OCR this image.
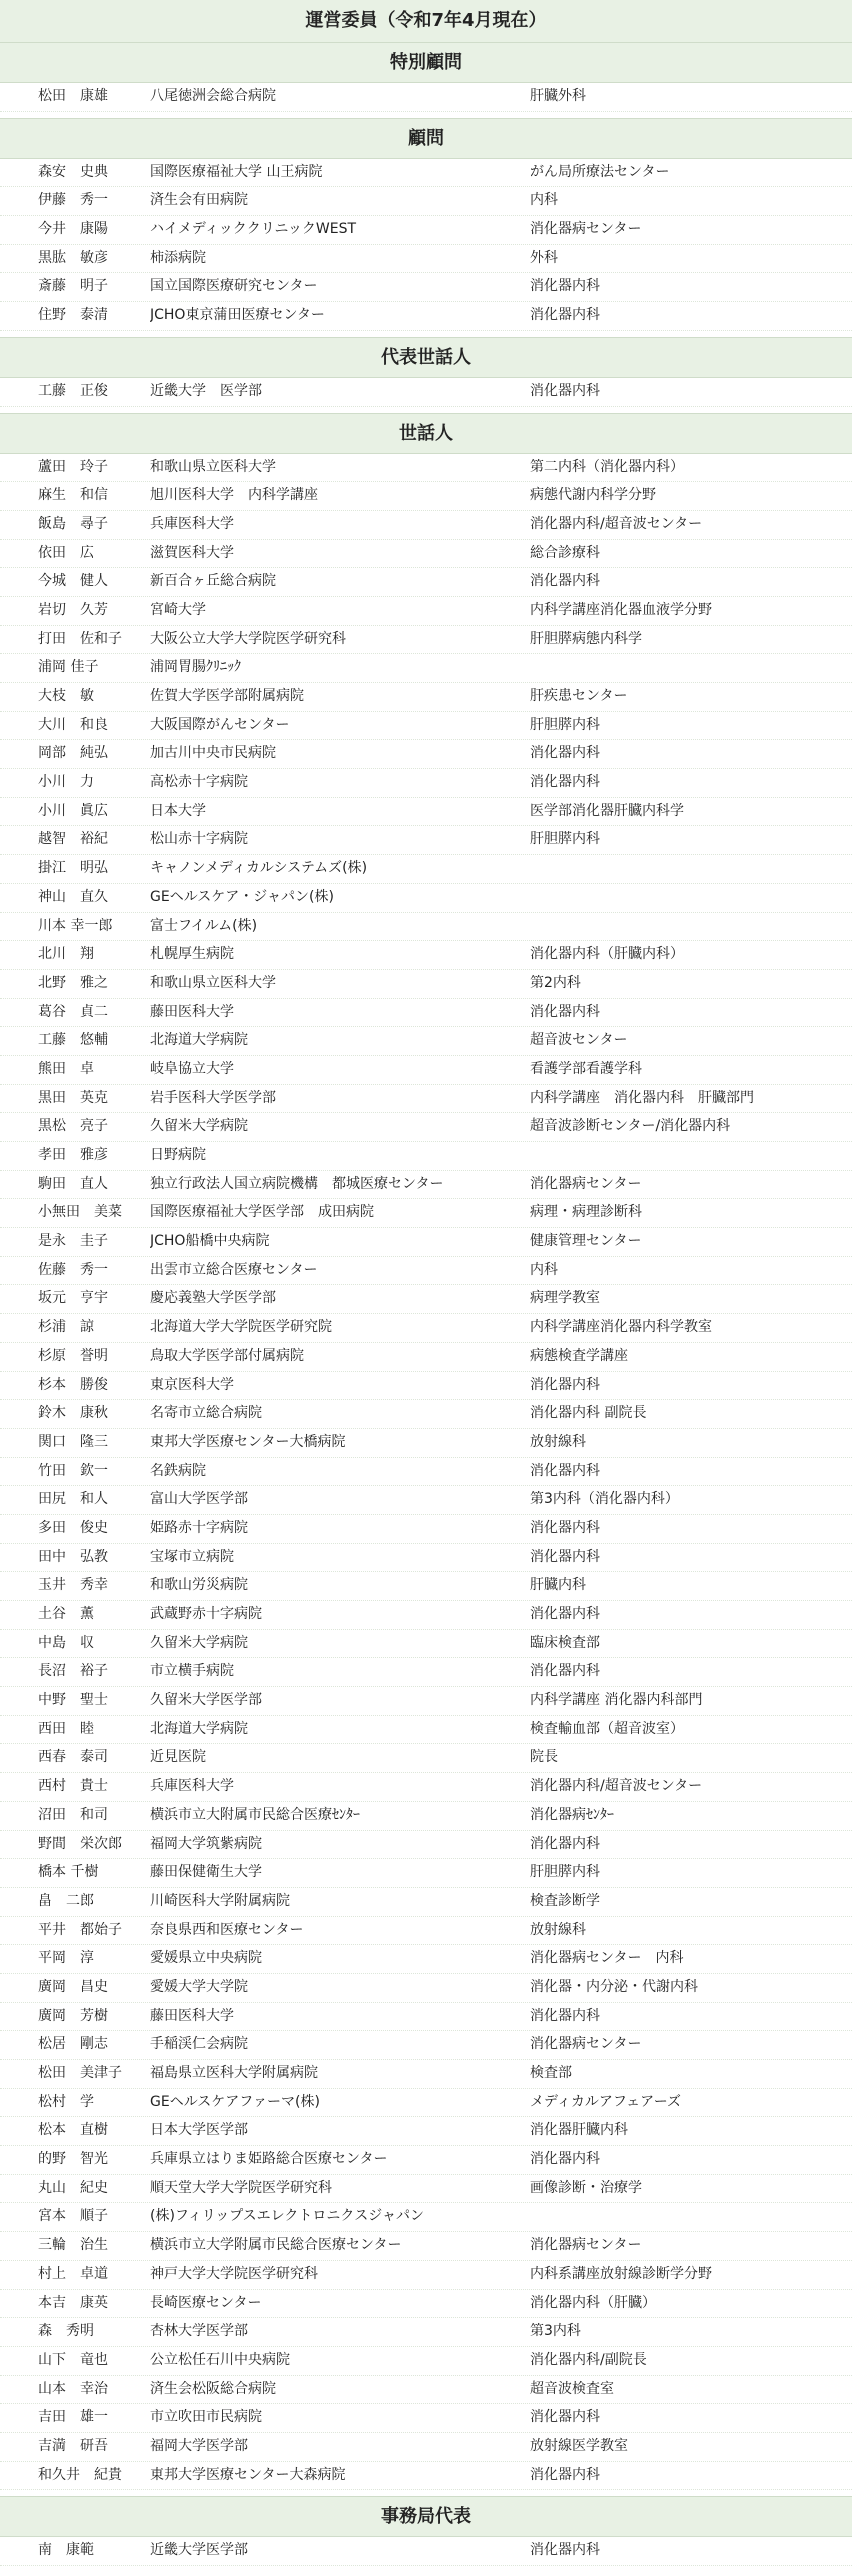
運営委員（令和7年4月現在）
特別顧問
松田　康雄	八尾徳洲会総合病院	肝臓外科
顧問
森安　史典	国際医療福祉大学 山王病院	がん局所療法センター
伊藤　秀一	済生会有田病院	内科
今井　康陽	ハイメディッククリニックWEST	消化器病センター
黒肱　敏彦	柿添病院	外科
斎藤　明子	国立国際医療研究センター	消化器内科
住野　泰清	JCHO東京蒲田医療センター	消化器内科
代表世話人
工藤　正俊	近畿大学　医学部	消化器内科
世話人
蘆田　玲子	和歌山県立医科大学	第二内科（消化器内科）
麻生　和信	旭川医科大学　内科学講座	病態代謝内科学分野
飯島　尋子	兵庫医科大学	消化器内科/超音波センター
依田　広	滋賀医科大学	総合診療科
今城　健人	新百合ヶ丘総合病院	消化器内科
岩切　久芳	宮崎大学	内科学講座消化器血液学分野
打田　佐和子	大阪公立大学大学院医学研究科	肝胆膵病態内科学
浦岡 佳子	浦岡胃腸ｸﾘﾆｯｸ
大枝　敏	佐賀大学医学部附属病院	肝疾患センター
大川　和良	大阪国際がんセンター	肝胆膵内科
岡部　純弘	加古川中央市民病院	消化器内科
小川　力	高松赤十字病院	消化器内科
小川　眞広	日本大学	医学部消化器肝臓内科学
越智　裕紀	松山赤十字病院	肝胆膵内科
掛江　明弘	キャノンメディカルシステムズ(株)
神山　直久	GEヘルスケア・ジャパン(株)
川本 幸一郎	富士フイルム(株)
北川　翔	札幌厚生病院	消化器内科（肝臓内科）
北野　雅之	和歌山県立医科大学	第2内科
葛谷　貞二	藤田医科大学	消化器内科
工藤　悠輔	北海道大学病院	超音波センター
熊田　卓	岐阜協立大学	看護学部看護学科
黒田　英克	岩手医科大学医学部	内科学講座　消化器内科　肝臓部門
黒松　亮子	久留米大学病院	超音波診断センター/消化器内科
孝田　雅彦	日野病院
駒田　直人	独立行政法人国立病院機構　都城医療センター	消化器病センター
小無田　美菜	国際医療福祉大学医学部　成田病院	病理・病理診断科
是永　圭子	JCHO船橋中央病院	健康管理センター
佐藤　秀一	出雲市立総合医療センター	内科
坂元　亨宇	慶応義塾大学医学部	病理学教室
杉浦　諒	北海道大学大学院医学研究院	内科学講座消化器内科学教室
杉原　誉明	鳥取大学医学部付属病院	病態検査学講座
杉本　勝俊	東京医科大学	消化器内科
鈴木　康秋	名寄市立総合病院	消化器内科 副院長
関口　隆三	東邦大学医療センター大橋病院	放射線科
竹田　欽一	名鉄病院	消化器内科
田尻　和人	富山大学医学部	第3内科（消化器内科）
多田　俊史	姫路赤十字病院	消化器内科
田中　弘教	宝塚市立病院	消化器内科
玉井　秀幸	和歌山労災病院	肝臓内科
土谷　薫	武蔵野赤十字病院	消化器内科
中島　収	久留米大学病院	臨床検査部
長沼　裕子	市立横手病院	消化器内科
中野　聖士	久留米大学医学部	内科学講座 消化器内科部門
西田　睦	北海道大学病院	検査輸血部（超音波室）
西春　泰司	近見医院	院長
西村　貴士	兵庫医科大学	消化器内科/超音波センター
沼田　和司	横浜市立大附属市民総合医療ｾﾝﾀｰ	消化器病ｾﾝﾀｰ
野間　栄次郎	福岡大学筑紫病院	消化器内科
橋本 千樹	藤田保健衛生大学	肝胆膵内科
畠　二郎	川崎医科大学附属病院	検査診断学
平井　都始子	奈良県西和医療センター	放射線科
平岡　淳	愛媛県立中央病院	消化器病センター　内科
廣岡　昌史	愛媛大学大学院	消化器・内分泌・代謝内科
廣岡　芳樹	藤田医科大学	消化器内科
松居　剛志	手稲渓仁会病院	消化器病センター
松田　美津子	福島県立医科大学附属病院	検査部
松村　学	GEヘルスケアファーマ(株)	メディカルアフェアーズ
松本　直樹	日本大学医学部	消化器肝臓内科
的野　智光	兵庫県立はりま姫路総合医療センター	消化器内科
丸山　紀史	順天堂大学大学院医学研究科	画像診断・治療学
宮本　順子	(株)フィリップスエレクトロニクスジャパン
三輪　治生	横浜市立大学附属市民総合医療センター	消化器病センター
村上　卓道	神戸大学大学院医学研究科	内科系講座放射線診断学分野
本吉　康英	長崎医療センター	消化器内科（肝臓）
森　秀明	杏林大学医学部	第3内科
山下　竜也	公立松任石川中央病院	消化器内科/副院長
山本　幸治	済生会松阪総合病院	超音波検査室
吉田　雄一	市立吹田市民病院	消化器内科
吉満　研吾	福岡大学医学部	放射線医学教室
和久井　紀貴	東邦大学医療センター大森病院	消化器内科
事務局代表
南　康範	近畿大学医学部	消化器内科
